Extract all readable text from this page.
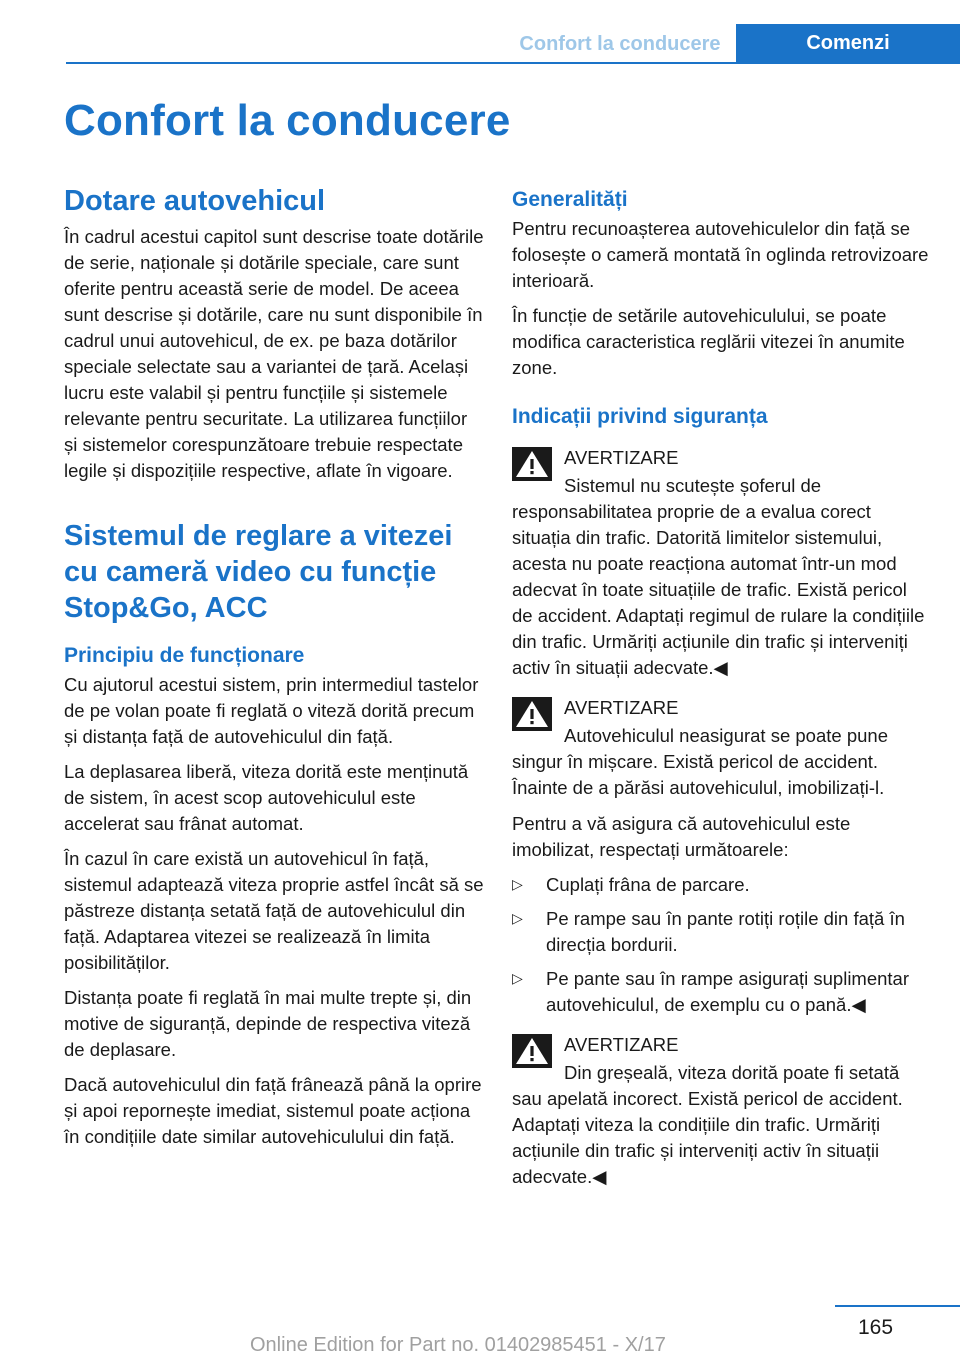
Confort la conducere	Comenzi
Confort la conducere
Dotare autovehicul

În cadrul acestui capitol sunt descrise toate dotările de serie, naționale și dotările speciale, care sunt oferite pentru această serie de model. De aceea sunt descrise și dotările, care nu sunt disponibile în cadrul unui autovehicul, de ex. pe baza dotărilor speciale selectate sau a variantei de țară. Același lucru este valabil și pentru funcțiile și sistemele relevante pentru securitate. La utilizarea funcțiilor și sistemelor corespunzătoare trebuie respectate legile și dispozițiile respective, aflate în vigoare.

Sistemul de reglare a vitezei cu cameră video cu funcție Stop&Go, ACC
Principiu de funcționare

Cu ajutorul acestui sistem, prin intermediul tastelor de pe volan poate fi reglată o viteză dorită precum și distanța față de autovehiculul din față.

La deplasarea liberă, viteza dorită este menținută de sistem, în acest scop autovehiculul este accelerat sau frânat automat.

În cazul în care există un autovehicul în față, sistemul adaptează viteza proprie astfel încât să se păstreze distanța setată față de autovehiculul din față. Adaptarea vitezei se realizează în limita posibilităților.

Distanța poate fi reglată în mai multe trepte și, din motive de siguranță, depinde de respectiva viteză de deplasare.

Dacă autovehiculul din față frânează până la oprire și apoi repornește imediat, sistemul poate acționa în condițiile date similar autovehiculului din față.

Generalități

Pentru recunoașterea autovehiculelor din față se folosește o cameră montată în oglinda retrovizoare interioară.

În funcție de setările autovehiculului, se poate modifica caracteristica reglării vitezei în anumite zone.

Indicații privind siguranța
AVERTIZARE

Sistemul nu scutește șoferul de responsabilitatea proprie de a evalua corect situația din trafic. Datorită limitelor sistemului, acesta nu poate reacționa automat într-un mod adecvat în toate situațiile de trafic. Există pericol de accident. Adaptați regimul de rulare la condițiile din trafic. Urmăriți acțiunile din trafic și interveniți activ în situații adecvate.◀

AVERTIZARE

Autovehiculul neasigurat se poate pune singur în mișcare. Există pericol de accident. Înainte de a părăsi autovehiculul, imobilizați-l.

Pentru a vă asigura că autovehiculul este imobilizat, respectați următoarele:

▷ Cuplați frâna de parcare.
▷ Pe rampe sau în pante rotiți roțile din față în direcția bordurii.
▷ Pe pante sau în rampe asigurați suplimentar autovehiculul, de exemplu cu o pană.◀
AVERTIZARE

Din greșeală, viteza dorită poate fi setată sau apelată incorect. Există pericol de accident. Adaptați viteza la condițiile din trafic. Urmăriți acțiunile din trafic și interveniți activ în situații adecvate.◀

165
Online Edition for Part no. 01402985451 - X/17
